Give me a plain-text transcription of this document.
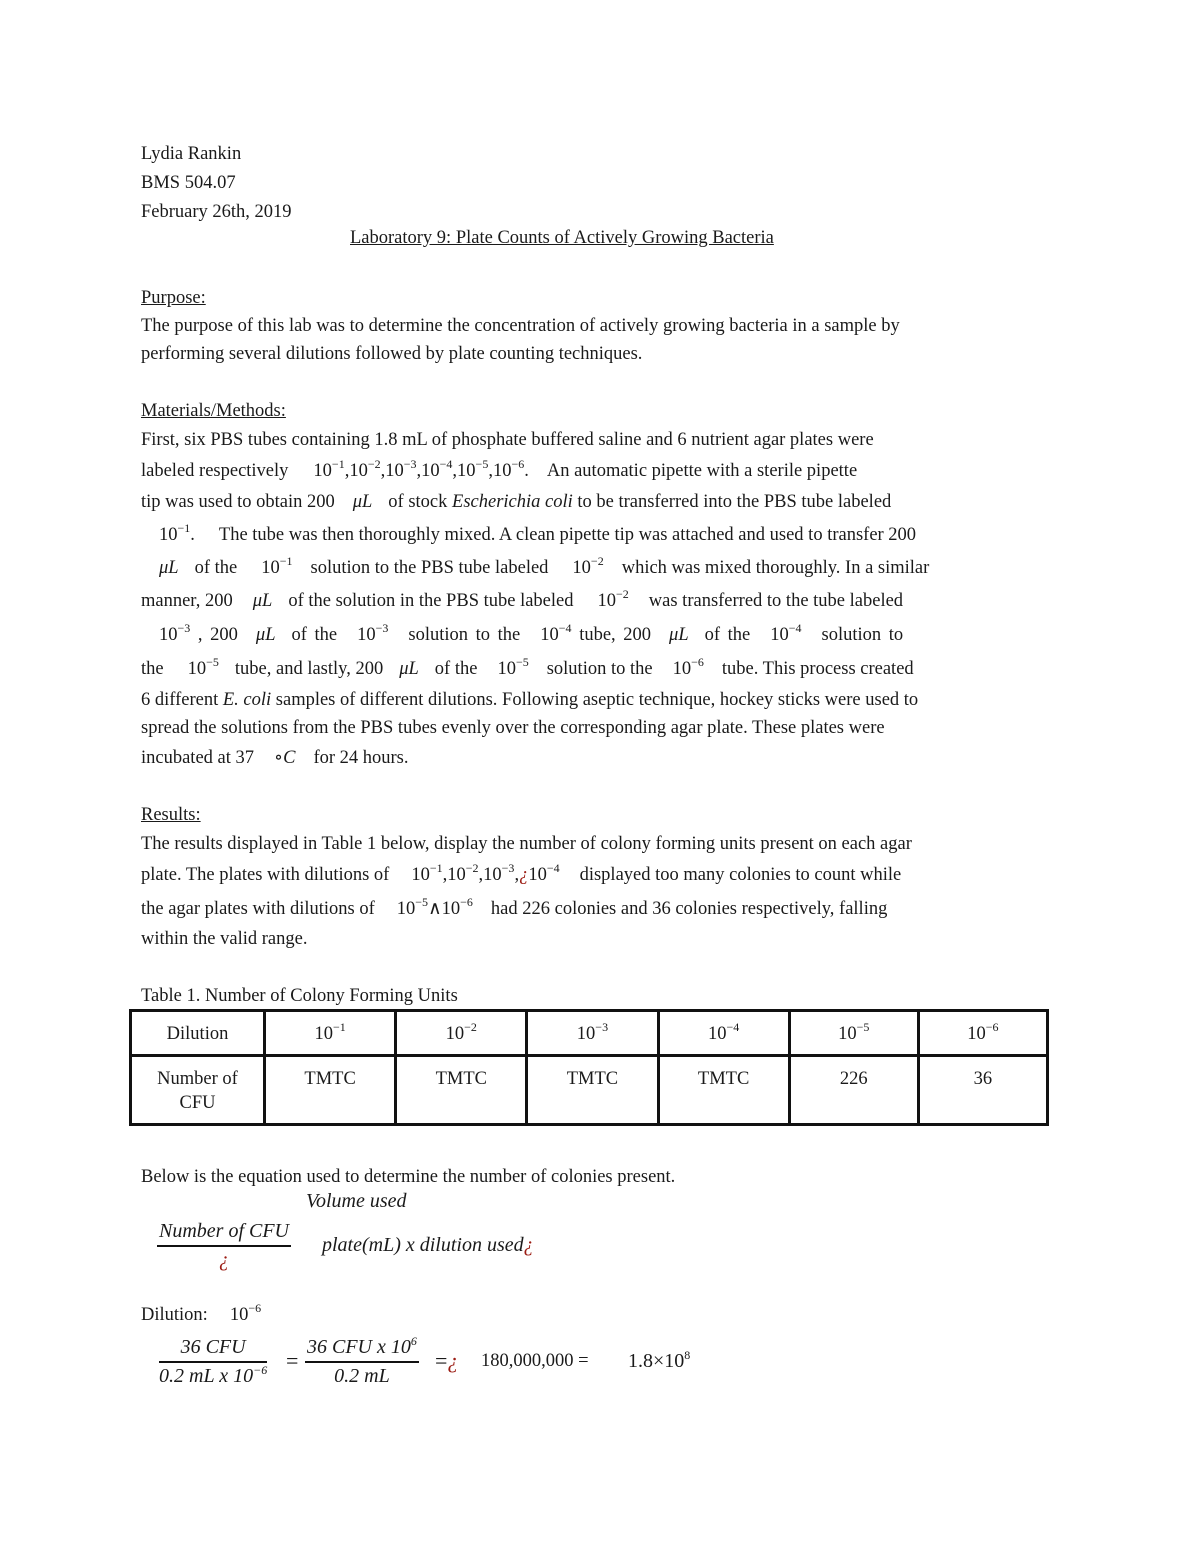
Lydia Rankin
BMS 504.07
February 26th, 2019
Laboratory 9: Plate Counts of Actively Growing Bacteria
Purpose:
The purpose of this lab was to determine the concentration of actively growing bacteria in a sample by
performing several dilutions followed by plate counting techniques.
Materials/Methods:
First, six PBS tubes containing 1.8 mL of phosphate buffered saline and 6 nutrient agar plates were
labeled respectively $10^{-1},10^{-2},10^{-3},10^{-4},10^{-5},10^{-6}$. An automatic pipette with a sterile pipette
tip was used to obtain 200 μL of stock Escherichia coli to be transferred into the PBS tube labeled
$10^{-1}$. The tube was then thoroughly mixed. A clean pipette tip was attached and used to transfer 200
μL of the $10^{-1}$ solution to the PBS tube labeled $10^{-2}$ which was mixed thoroughly. In a similar
manner, 200 μL of the solution in the PBS tube labeled $10^{-2}$ was transferred to the tube labeled
$10^{-3}$ , 200 μL of the $10^{-3}$ solution to the $10^{-4}$ tube, 200 μL of the $10^{-4}$ solution to
the $10^{-5}$ tube, and lastly, 200 μL of the $10^{-5}$ solution to the $10^{-6}$ tube. This process created
6 different E. coli samples of different dilutions. Following aseptic technique, hockey sticks were used to
spread the solutions from the PBS tubes evenly over the corresponding agar plate. These plates were
incubated at 37 ∘C for 24 hours.
Results:
The results displayed in Table 1 below, display the number of colony forming units present on each agar
plate. The plates with dilutions of $10^{-1},10^{-2},10^{-3},¿10^{-4}$ displayed too many colonies to count while
the agar plates with dilutions of $10^{-5}\wedge 10^{-6}$ had 226 colonies and 36 colonies respectively, falling
within the valid range.
Table 1. Number of Colony Forming Units
Dilution	$10^{-1}$	$10^{-2}$	$10^{-3}$	$10^{-4}$	$10^{-5}$	$10^{-6}$
Number of
CFU	TMTC	TMTC	TMTC	TMTC	226	36
Below is the equation used to determine the number of colonies present.
Volume used
Number of CFU
¿
plate(mL) x dilution used¿
Dilution: $10^{-6}$
36 CFU
0.2 mL x $10^{-6}$ =
36 CFU x $10^6$
0.2 mL
=¿ $180,000,000 = 1.8\times 10^8$
